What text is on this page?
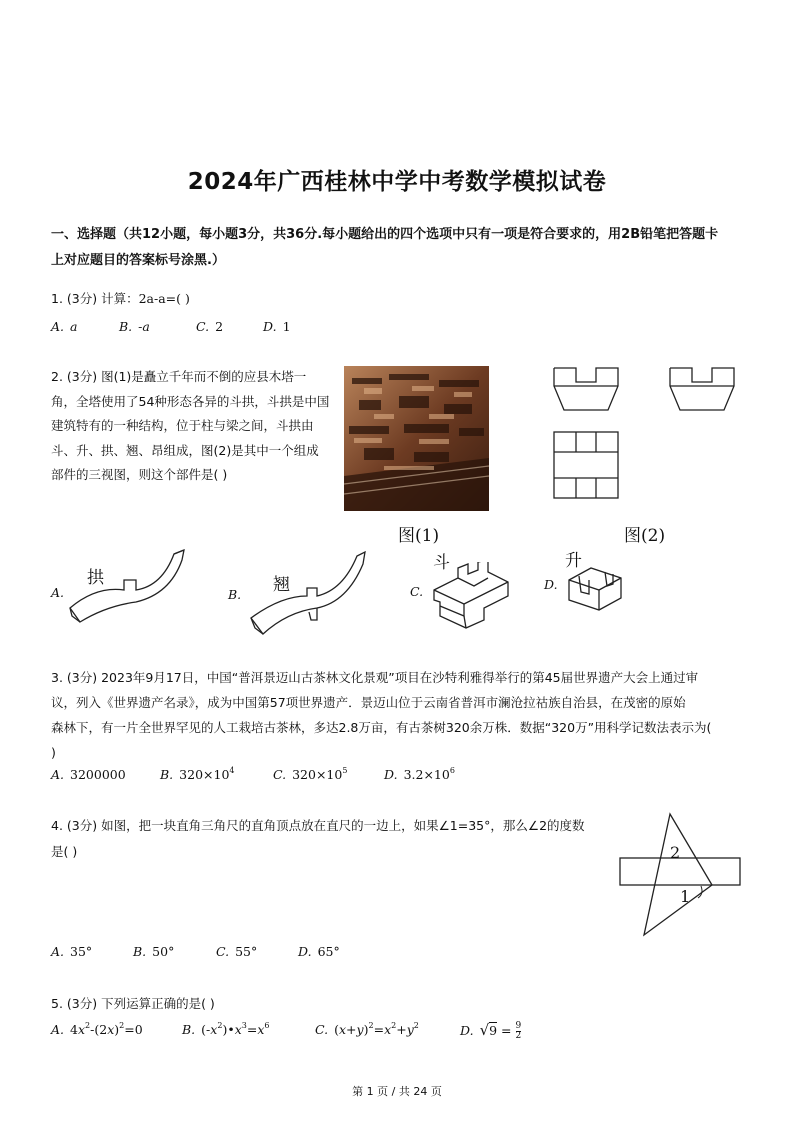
2024年广西桂林中学中考数学模拟试卷
一、选择题（共12小题，每小题3分，共36分.每小题给出的四个选项中只有一项是符合要求的，用2B铅笔把答题卡
上对应题目的答案标号涂黑.）
1. (3分) 计算：2a-a=( )
A. a	B. -a	C. 2	D. 1
2. (3分) 图(1)是矗立千年而不倒的应县木塔一
角，全塔使用了54种形态各异的斗拱，斗拱是中国
建筑特有的一种结构，位于柱与梁之间，斗拱由
斗、升、拱、翘、昂组成，图(2)是其中一个组成
部件的三视图，则这个部件是( )
图(1)	图(2)
A.
拱
B. 翘	C.
斗
D.
升
3. (3分) 2023年9月17日，中国“普洱景迈山古茶林文化景观”项目在沙特利雅得举行的第45届世界遗产大会上通过审
议，列入《世界遗产名录》，成为中国第57项世界遗产．景迈山位于云南省普洱市澜沧拉祜族自治县，在茂密的原始
森林下，有一片全世界罕见的人工栽培古茶林，多达2.8万亩，有古茶树320余万株．数据“320万”用科学记数法表示为(
)
A. 3200000	B. $320\times 10^4$	C. $320\times 10^5$	D. $3.2\times 10^6$
4. (3分) 如图，把一块直角三角尺的直角顶点放在直尺的一边上，如果∠1=35°，那么∠2的度数
是( )	2
1
A. 35°	B. 50°	C. 55°	D. 65°
5. (3分) 下列运算正确的是( )
A. $4x^2-(2x)^2=0$	B. $(-x^2)•x^3=x^6$	C. $(x+y)^2=x^2+y^2$	D. $√9 = \frac{9}{2}$
第 1 页 / 共 24 页
